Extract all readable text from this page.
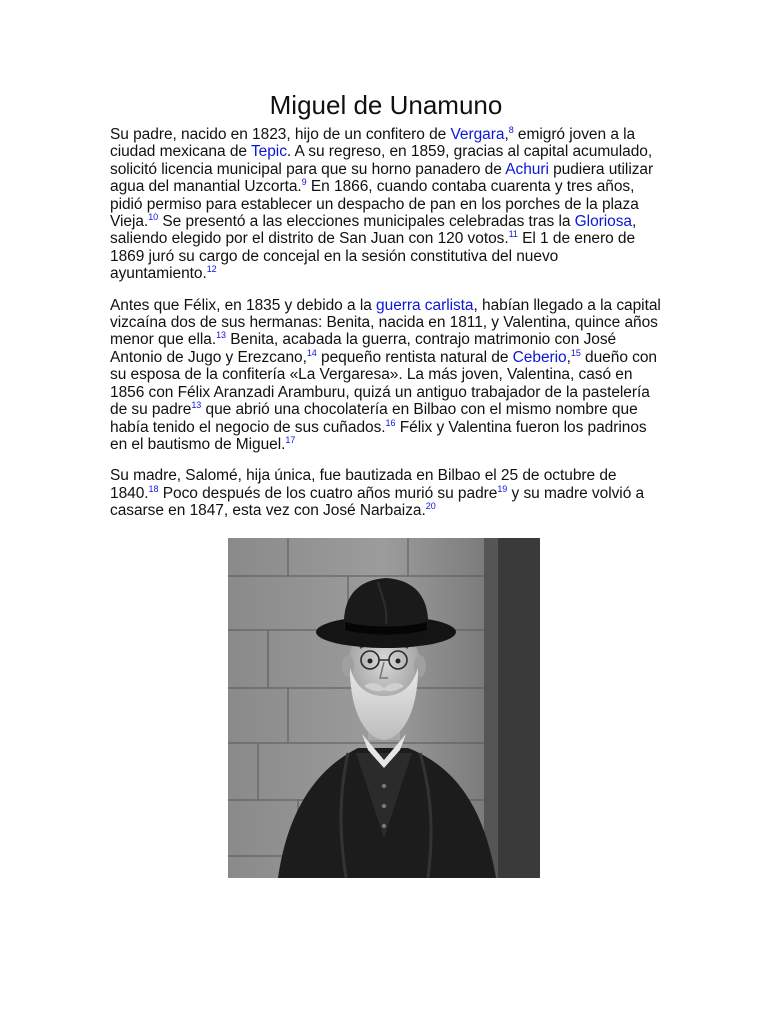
Miguel de Unamuno

Su padre, nacido en 1823, hijo de un confitero de Vergara,$^8$ emigró joven a la ciudad mexicana de Tepic. A su regreso, en 1859, gracias al capital acumulado, solicitó licencia municipal para que su horno panadero de Achuri pudiera utilizar agua del manantial Uzcorta.$^9$ En 1866, cuando contaba cuarenta y tres años, pidió permiso para establecer un despacho de pan en los porches de la plaza Vieja.$^{10}$ Se presentó a las elecciones municipales celebradas tras la Gloriosa, saliendo elegido por el distrito de San Juan con 120 votos.$^{11}$ El 1 de enero de 1869 juró su cargo de concejal en la sesión constitutiva del nuevo ayuntamiento.$^{12}$

Antes que Félix, en 1835 y debido a la guerra carlista, habían llegado a la capital vizcaína dos de sus hermanas: Benita, nacida en 1811, y Valentina, quince años menor que ella.$^{13}$ Benita, acabada la guerra, contrajo matrimonio con José Antonio de Jugo y Erezcano,$^{14}$ pequeño rentista natural de Ceberio,$^{15}$ dueño con su esposa de la confitería «La Vergaresa». La más joven, Valentina, casó en 1856 con Félix Aranzadi Aramburu, quizá un antiguo trabajador de la pastelería de su padre$^{13}$ que abrió una chocolatería en Bilbao con el mismo nombre que había tenido el negocio de sus cuñados.$^{16}$ Félix y Valentina fueron los padrinos en el bautismo de Miguel.$^{17}$

Su madre, Salomé, hija única, fue bautizada en Bilbao el 25 de octubre de 1840.18 Poco después de los cuatro años murió su padre$^{19}$ y su madre volvió a casarse en 1847, esta vez con José Narbaiza.$^{20}$
